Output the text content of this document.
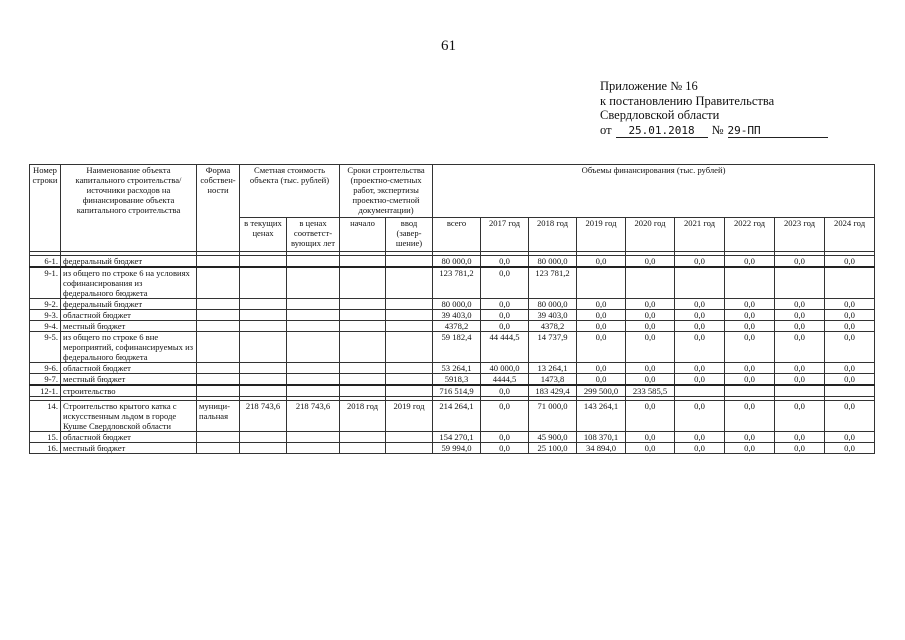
61
Приложение № 16
к постановлению Правительства
Свердловской области
от	25.01.2018	№ 29-ПП
Номер строки	Наименование объекта капитального строительства/ источники расходов на финансирование объекта капитального строительства	Форма собствен-ности	Сметная стоимость объекта (тыс. рублей)		Сроки строительства (проектно-сметных работ, экспертизы проектно-сметной документации)		Объемы финансирования (тыс. рублей)								
			в текущих ценах	в ценах соответст-вующих лет	начало	ввод (завер-шение)	всего	2017 год	2018 год	2019 год	2020 год	2021 год	2022 год	2023 год	2024 год

6-1.	федеральный бюджет						80 000,0	0,0	80 000,0	0,0	0,0	0,0	0,0	0,0	0,0
9-1.	из общего по строке 6 на условиях софинансирования из федерального бюджета						123 781,2	0,0	123 781,2						
9-2.	федеральный бюджет						80 000,0	0,0	80 000,0	0,0	0,0	0,0	0,0	0,0	0,0
9-3.	областной бюджет						39 403,0	0,0	39 403,0	0,0	0,0	0,0	0,0	0,0	0,0
9-4.	местный бюджет						4378,2	0,0	4378,2	0,0	0,0	0,0	0,0	0,0	0,0
9-5.	из общего по строке 6 вне мероприятий, софинансируемых из федерального бюджета						59 182,4	44 444,5	14 737,9	0,0	0,0	0,0	0,0	0,0	0,0
9-6.	областной бюджет						53 264,1	40 000,0	13 264,1	0,0	0,0	0,0	0,0	0,0	0,0
9-7.	местный бюджет						5918,3	4444,5	1473,8	0,0	0,0	0,0	0,0	0,0	0,0
12-1.	строительство						716 514,9	0,0	183 429,4	299 500,0	233 585,5				

14.	Строительство крытого катка с искусственным льдом в городе Кушве Свердловской области	муници-пальная	218 743,6	218 743,6	2018 год	2019 год	214 264,1	0,0	71 000,0	143 264,1	0,0	0,0	0,0	0,0	0,0
15.	областной бюджет						154 270,1	0,0	45 900,0	108 370,1	0,0	0,0	0,0	0,0	0,0
16.	местный бюджет						59 994,0	0,0	25 100,0	34 894,0	0,0	0,0	0,0	0,0	0,0
